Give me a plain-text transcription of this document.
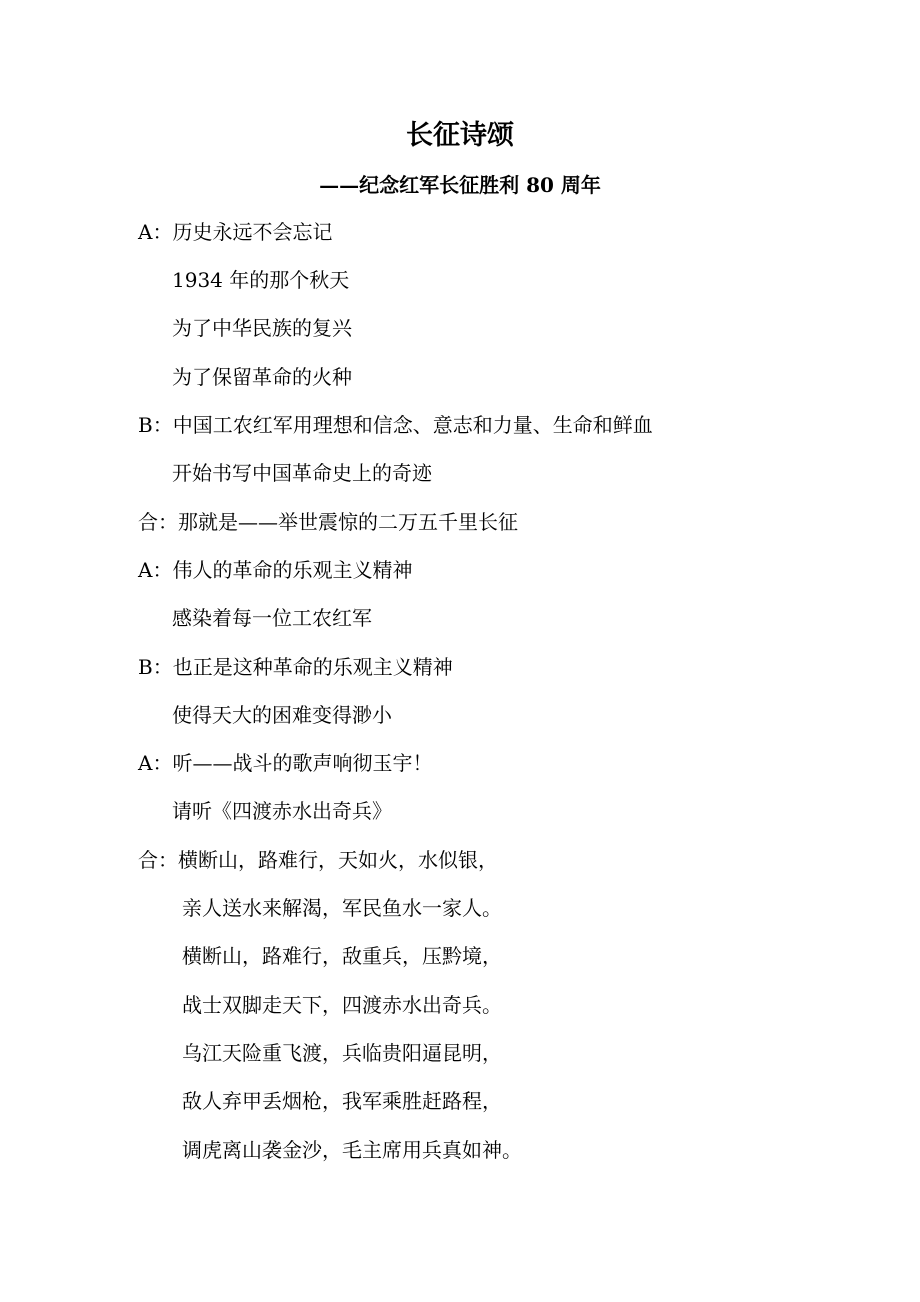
长征诗颂
——纪念红军长征胜利 80 周年
A：历史永远不会忘记
1934 年的那个秋天
为了中华民族的复兴
为了保留革命的火种
B：中国工农红军用理想和信念、意志和力量、生命和鲜血
开始书写中国革命史上的奇迹
合：那就是——举世震惊的二万五千里长征
A：伟人的革命的乐观主义精神
感染着每一位工农红军
B：也正是这种革命的乐观主义精神
使得天大的困难变得渺小
A：听——战斗的歌声响彻玉宇！
请听《四渡赤水出奇兵》
合：横断山，路难行，天如火，水似银，
亲人送水来解渴，军民鱼水一家人。
横断山，路难行，敌重兵，压黔境，
战士双脚走天下，四渡赤水出奇兵。
乌江天险重飞渡，兵临贵阳逼昆明，
敌人弃甲丢烟枪，我军乘胜赶路程，
调虎离山袭金沙，毛主席用兵真如神。
